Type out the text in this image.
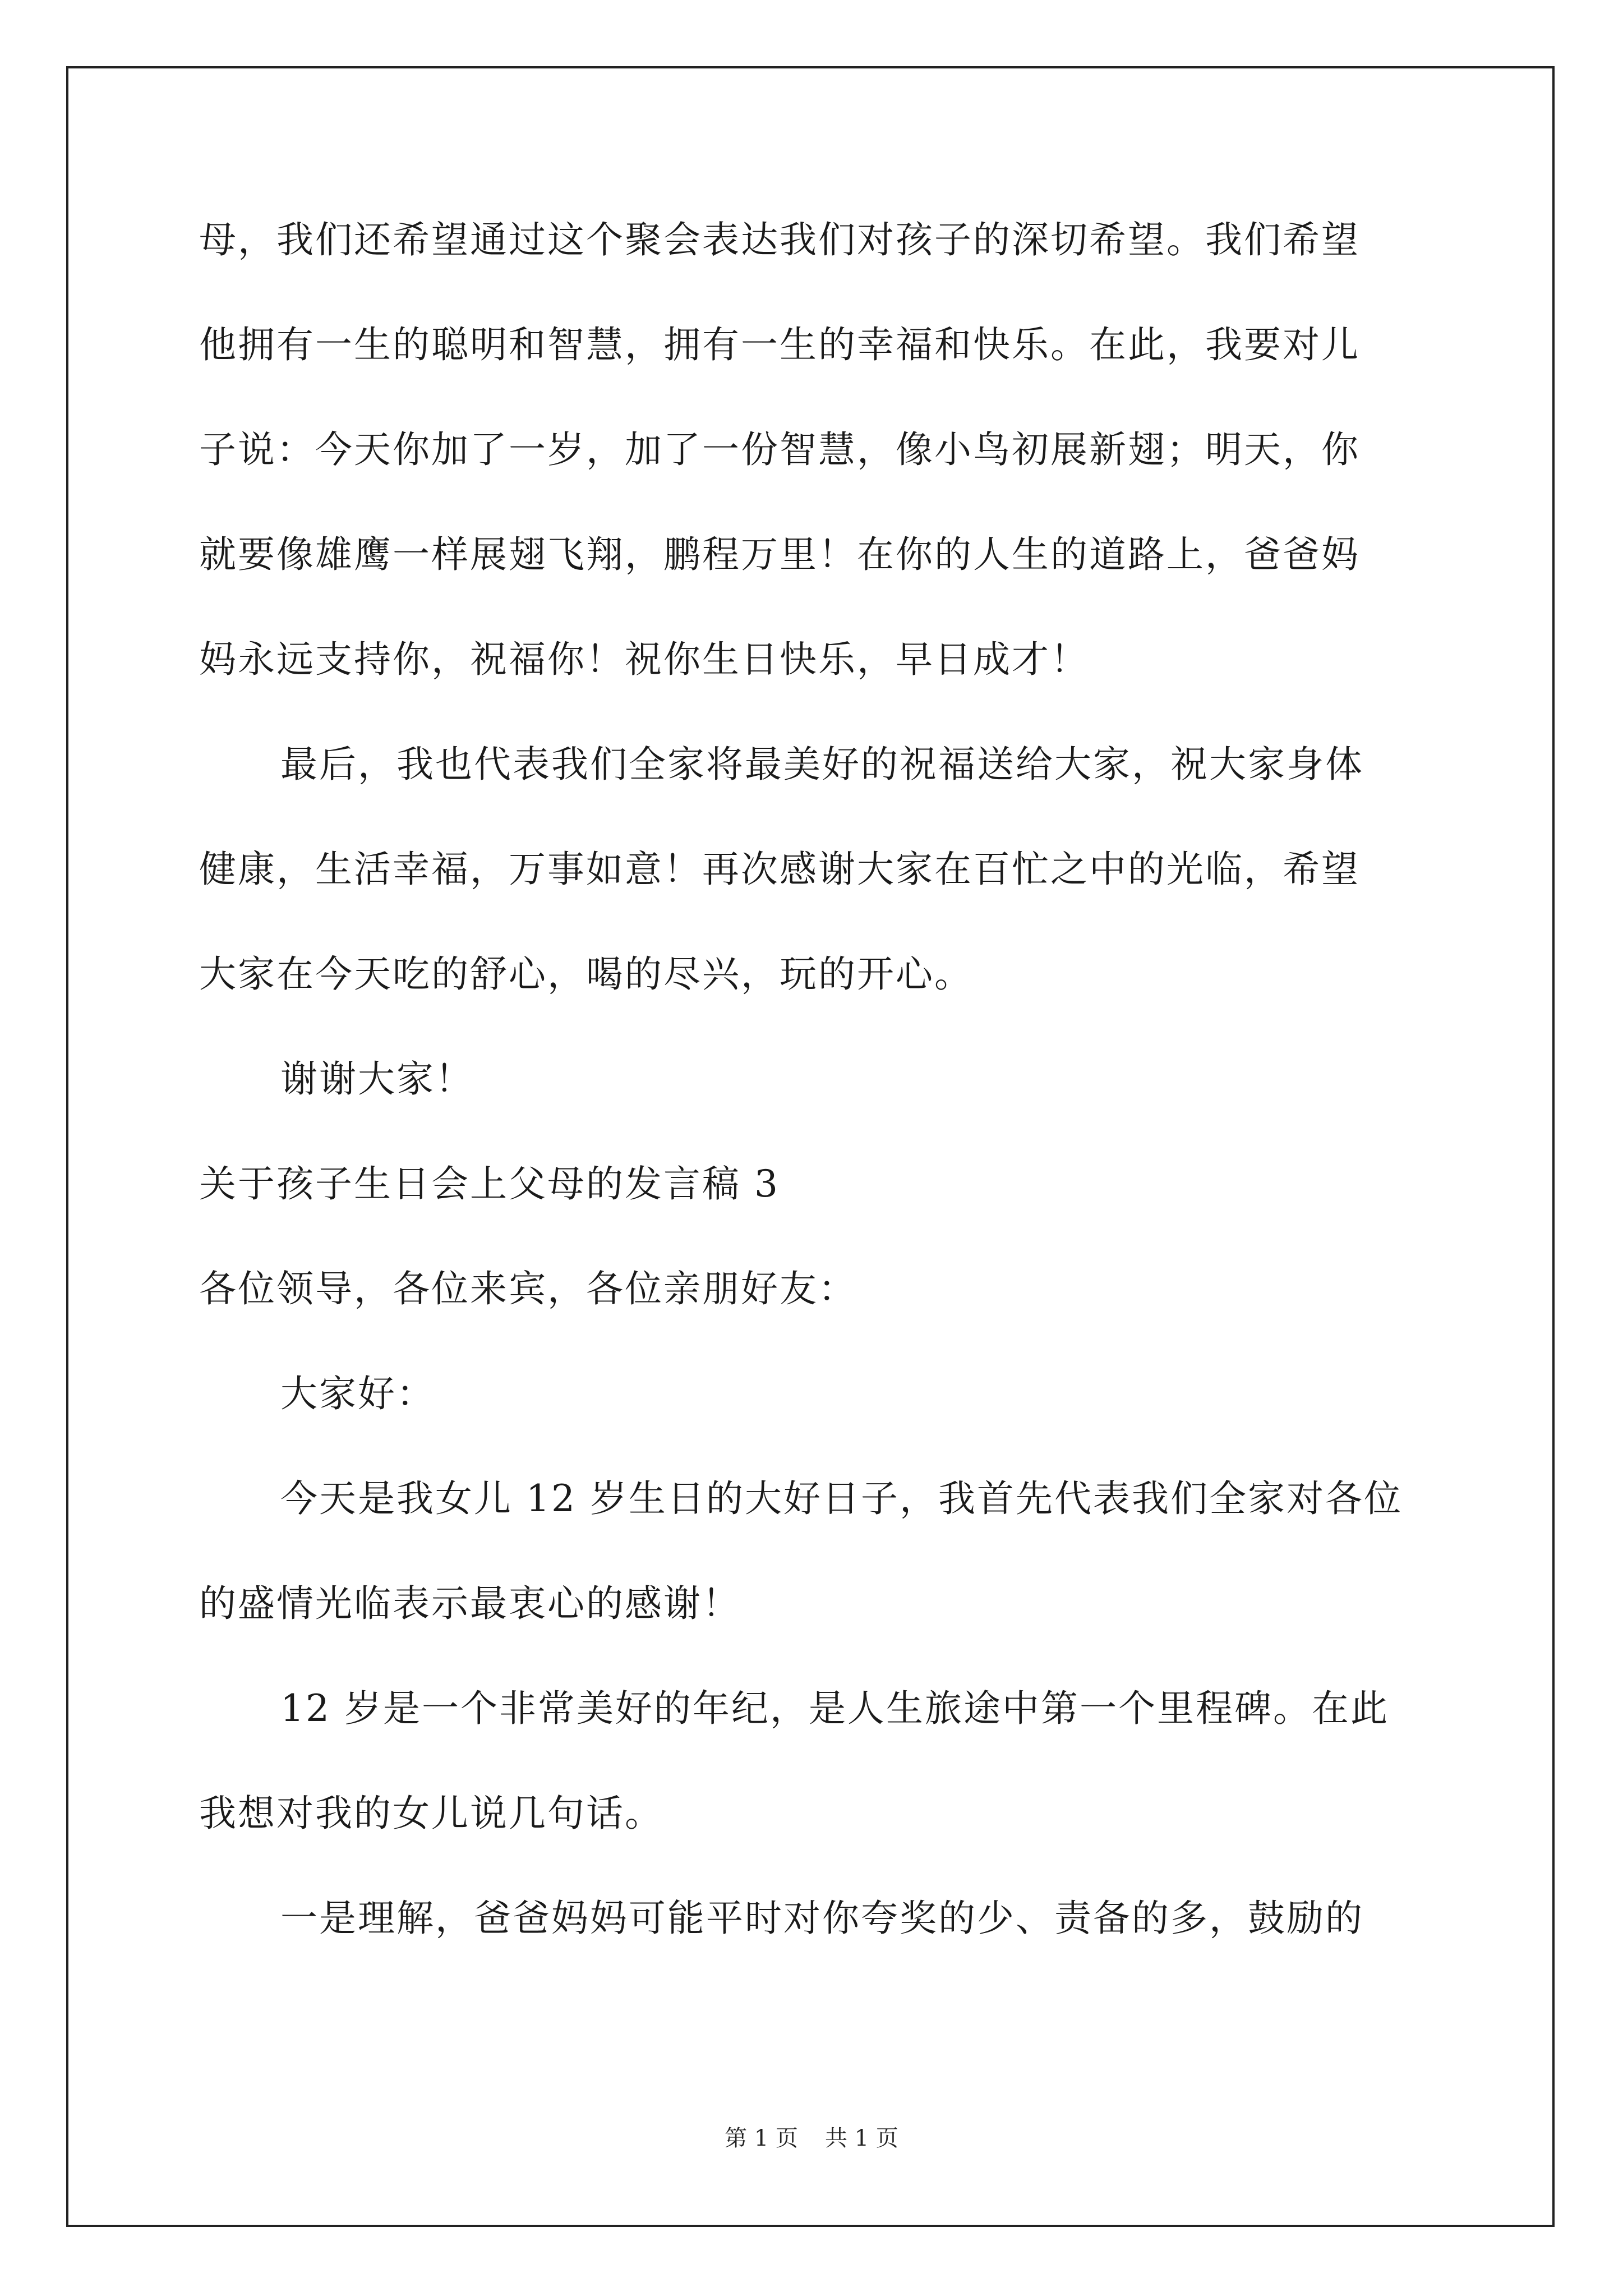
母，我们还希望通过这个聚会表达我们对孩子的深切希望。我们希望
他拥有一生的聪明和智慧，拥有一生的幸福和快乐。在此，我要对儿
子说：今天你加了一岁，加了一份智慧，像小鸟初展新翅；明天，你
就要像雄鹰一样展翅飞翔，鹏程万里！在你的人生的道路上，爸爸妈
妈永远支持你，祝福你！祝你生日快乐，早日成才！
最后，我也代表我们全家将最美好的祝福送给大家，祝大家身体
健康，生活幸福，万事如意！再次感谢大家在百忙之中的光临，希望
大家在今天吃的舒心，喝的尽兴，玩的开心。
谢谢大家！
关于孩子生日会上父母的发言稿 3
各位领导，各位来宾，各位亲朋好友：
大家好：
今天是我女儿 12 岁生日的大好日子，我首先代表我们全家对各位
的盛情光临表示最衷心的感谢！
12 岁是一个非常美好的年纪，是人生旅途中第一个里程碑。在此
我想对我的女儿说几句话。
一是理解，爸爸妈妈可能平时对你夸奖的少、责备的多，鼓励的
第 1 页 共 1 页
